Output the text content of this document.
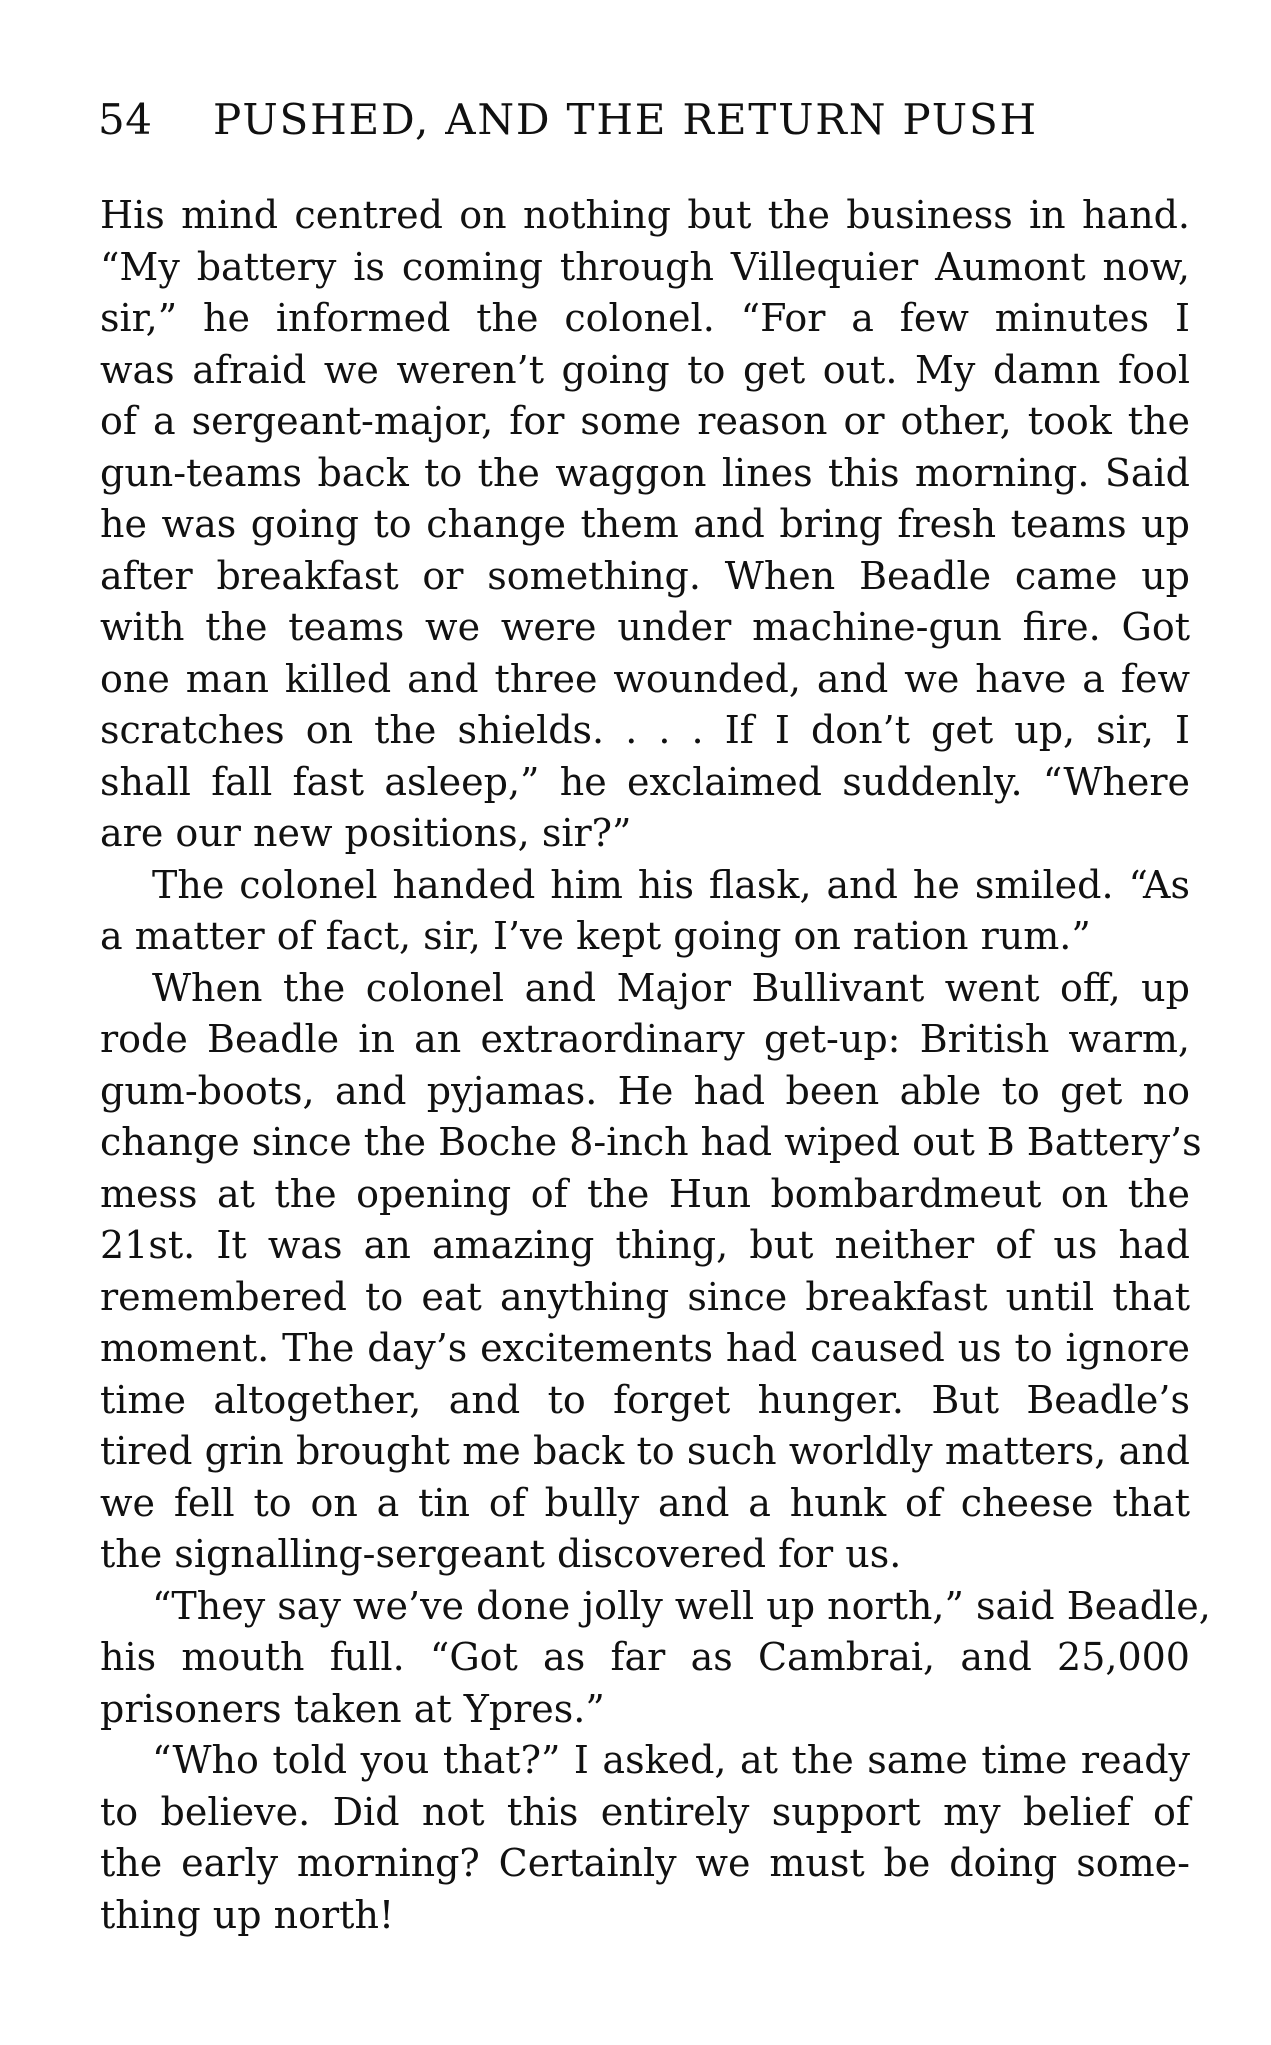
54 PUSHED, AND THE RETURN PUSH
His mind centred on nothing but the business in hand.
“My battery is coming through Villequier Aumont now,
sir,” he informed the colonel. “For a few minutes I
was afraid we weren’t going to get out. My damn fool
of a sergeant-major, for some reason or other, took the
gun-teams back to the waggon lines this morning. Said
he was going to change them and bring fresh teams up
after breakfast or something. When Beadle came up
with the teams we were under machine-gun fire. Got
one man killed and three wounded, and we have a few
scratches on the shields. . . . If I don’t get up, sir, I
shall fall fast asleep,” he exclaimed suddenly. “Where
are our new positions, sir?”
The colonel handed him his flask, and he smiled. “As
a matter of fact, sir, I’ve kept going on ration rum.”
When the colonel and Major Bullivant went off, up
rode Beadle in an extraordinary get-up: British warm,
gum-boots, and pyjamas. He had been able to get no
change since the Boche 8-inch had wiped out B Battery’s
mess at the opening of the Hun bombardmeut on the
21st. It was an amazing thing, but neither of us had
remembered to eat anything since breakfast until that
moment. The day’s excitements had caused us to ignore
time altogether, and to forget hunger. But Beadle’s
tired grin brought me back to such worldly matters, and
we fell to on a tin of bully and a hunk of cheese that
the signalling-sergeant discovered for us.
“They say we’ve done jolly well up north,” said Beadle,
his mouth full. “Got as far as Cambrai, and 25,000
prisoners taken at Ypres.”
“Who told you that?” I asked, at the same time ready
to believe. Did not this entirely support my belief of
the early morning? Certainly we must be doing some-
thing up north!
